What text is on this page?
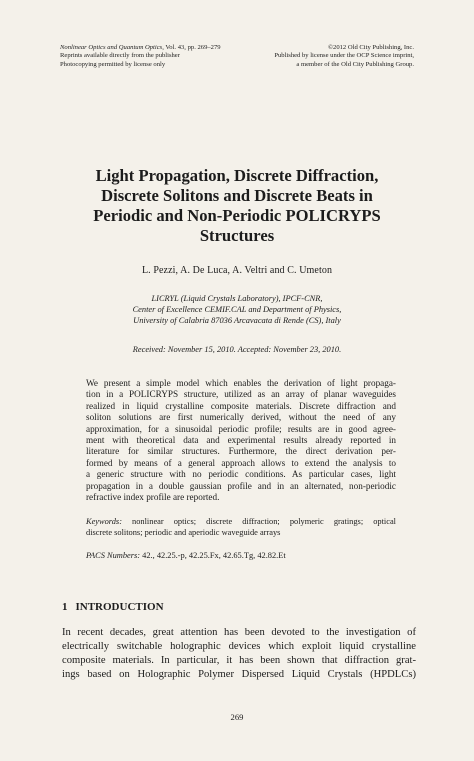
Nonlinear Optics and Quantum Optics, Vol. 43, pp. 269–279
Reprints available directly from the publisher
Photocopying permitted by license only
©2012 Old City Publishing, Inc.
Published by license under the OCP Science imprint,
a member of the Old City Publishing Group.
Light Propagation, Discrete Diffraction,
Discrete Solitons and Discrete Beats in
Periodic and Non-Periodic POLICRYPS
Structures
L. Pezzi, A. De Luca, A. Veltri and C. Umeton
LICRYL (Liquid Crystals Laboratory), IPCF-CNR,
Center of Excellence CEMIF.CAL and Department of Physics,
University of Calabria 87036 Arcavacata di Rende (CS), Italy
Received: November 15, 2010. Accepted: November 23, 2010.
We present a simple model which enables the derivation of light propaga-
tion in a POLICRYPS structure, utilized as an array of planar waveguides
realized in liquid crystalline composite materials. Discrete diffraction and
soliton solutions are first numerically derived, without the need of any
approximation, for a sinusoidal periodic profile; results are in good agree-
ment with theoretical data and experimental results already reported in
literature for similar structures. Furthermore, the direct derivation per-
formed by means of a general approach allows to extend the analysis to
a generic structure with no periodic conditions. As particular cases, light
propagation in a double gaussian profile and in an alternated, non-periodic
refractive index profile are reported.
Keywords: nonlinear optics; discrete diffraction; polymeric gratings; optical
discrete solitons; periodic and aperiodic waveguide arrays
PACS Numbers: 42., 42.25.-p, 42.25.Fx, 42.65.Tg, 42.82.Et
1 INTRODUCTION
In recent decades, great attention has been devoted to the investigation of
electrically switchable holographic devices which exploit liquid crystalline
composite materials. In particular, it has been shown that diffraction grat-
ings based on Holographic Polymer Dispersed Liquid Crystals (HPDLCs)
269
